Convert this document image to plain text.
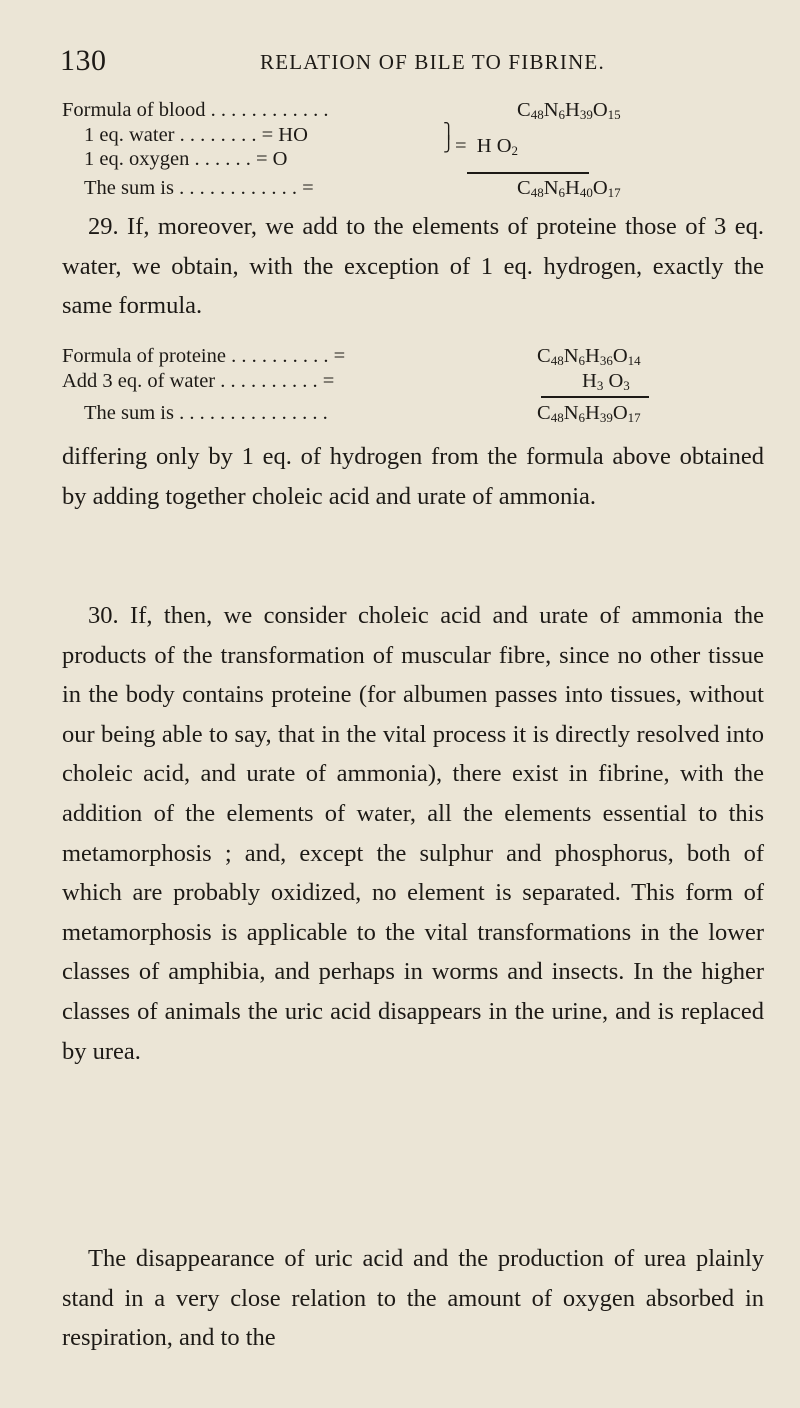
130	RELATION OF BILE TO FIBRINE.
Formula of blood . . . . . . . . . . . .	$C_{48}N_6H_{39}O_{15}$
1 eq. water . . . . . . . . = HO
1 eq. oxygen . . . . . . = O
⎫
⎭ =  H $O_2$
The sum is . . . . . . . . . . . . =	$C_{48}N_6H_{40}O_{17}$

29. If, moreover, we add to the elements of proteine those of 3 eq. water, we obtain, with the exception of 1 eq. hydrogen, exactly the same formula.

Formula of proteine . . . . . . . . . . =	$C_{48}N_6H_{36}O_{14}$
Add 3 eq. of water . . . . . . . . . . =	$H_3$ $O_3$
The sum is . . . . . . . . . . . . . . .	$C_{48}N_6H_{39}O_{17}$

differing only by 1 eq. of hydrogen from the formula above obtained by adding together choleic acid and urate of ammonia.

30. If, then, we consider choleic acid and urate of ammonia the products of the transformation of muscular fibre, since no other tissue in the body contains proteine (for albumen passes into tissues, without our being able to say, that in the vital process it is directly resolved into choleic acid, and urate of ammonia), there exist in fibrine, with the addition of the elements of water, all the elements essential to this metamorphosis ; and, except the sulphur and phosphorus, both of which are probably oxidized, no element is separated. This form of metamorphosis is applicable to the vital transformations in the lower classes of amphibia, and perhaps in worms and insects. In the higher classes of animals the uric acid disappears in the urine, and is replaced by urea.

The disappearance of uric acid and the production of urea plainly stand in a very close relation to the amount of oxygen absorbed in respiration, and to the
